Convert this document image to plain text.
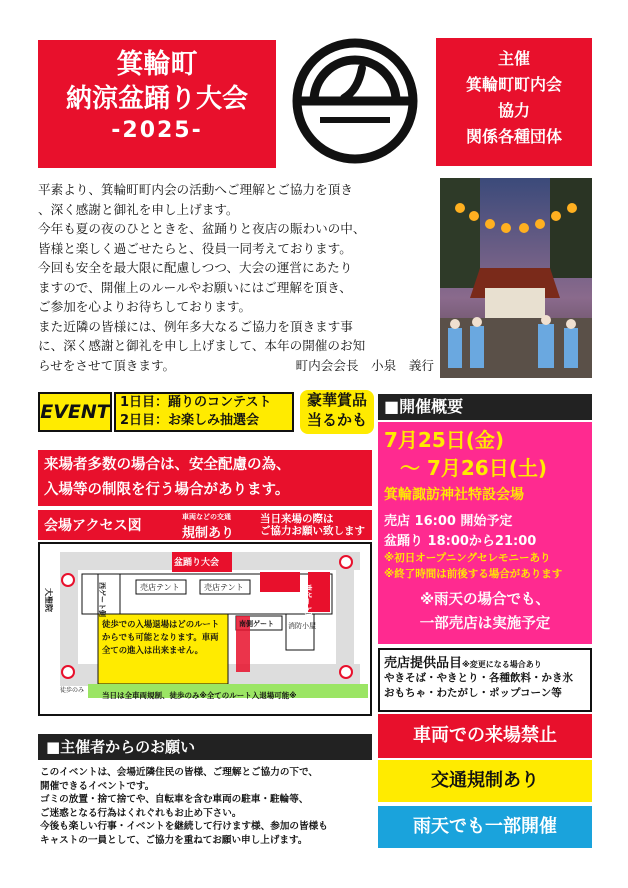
箕輪町
納涼盆踊り大会
-2025-
主催
箕輪町町内会
協力
関係各種団体

平素より、箕輪町町内会の活動へご理解とご協力を頂き

、深く感謝と御礼を申し上げます。

今年も夏の夜のひとときを、盆踊りと夜店の賑わいの中、

皆様と楽しく過ごせたらと、役員一同考えております。

今回も安全を最大限に配慮しつつ、大会の運営にあたり

ますので、開催上のルールやお願いにはご理解を頂き、

ご参加を心よりお待ちしております。

また近隣の皆様には、例年多大なるご協力を頂きます事

に、深く感謝と御礼を申し上げまして、本年の開催のお知

らせをさせて頂きます。	町内会会長　小泉　義行

EVENT 1日目：踊りのコンテスト
2日目：お楽しみ抽選会
豪華賞品
当るかも
来場者多数の場合は、安全配慮の為、
入場等の制限を行う場合があります。
会場アクセス図
車両などの交通
規制あり
当日来場の際は
ご協力お願い致します
盆踊り大会
売店テント	売店テント
西ゲート側	東ゲート側
南側ゲート 消防小屋
大聖院
当日は全車両規制、徒歩のみ※全てのルート入退場可能※
徒歩のみ
徒歩での入場退場はどのルートからでも可能となります。車両全ての進入は出来ません。
■主催者からのお願い

このイベントは、会場近隣住民の皆様、ご理解とご協力の下で、

開催できるイベントです。

ゴミの放置・捨て捨てや、自転車を含む車両の駐車・駐輪等、

ご迷惑となる行為はくれぐれもお止め下さい。

今後も楽しい行事・イベントを継続して行けます様、参加の皆様も

キャストの一員として、ご協力を重ねてお願い申し上げます。

■開催概要
7月25日(金)
～ 7月26日(土)
箕輪諏訪神社特設会場
売店 16:00 開始予定
盆踊り 18:00から21:00
※初日オープニングセレモニーあり
※終了時間は前後する場合があります
※雨天の場合でも、
一部売店は実施予定
売店提供品目※変更になる場合あり
やきそば・やきとり・各種飲料・かき氷
おもちゃ・わたがし・ポップコーン等
車両での来場禁止
交通規制あり
雨天でも一部開催
